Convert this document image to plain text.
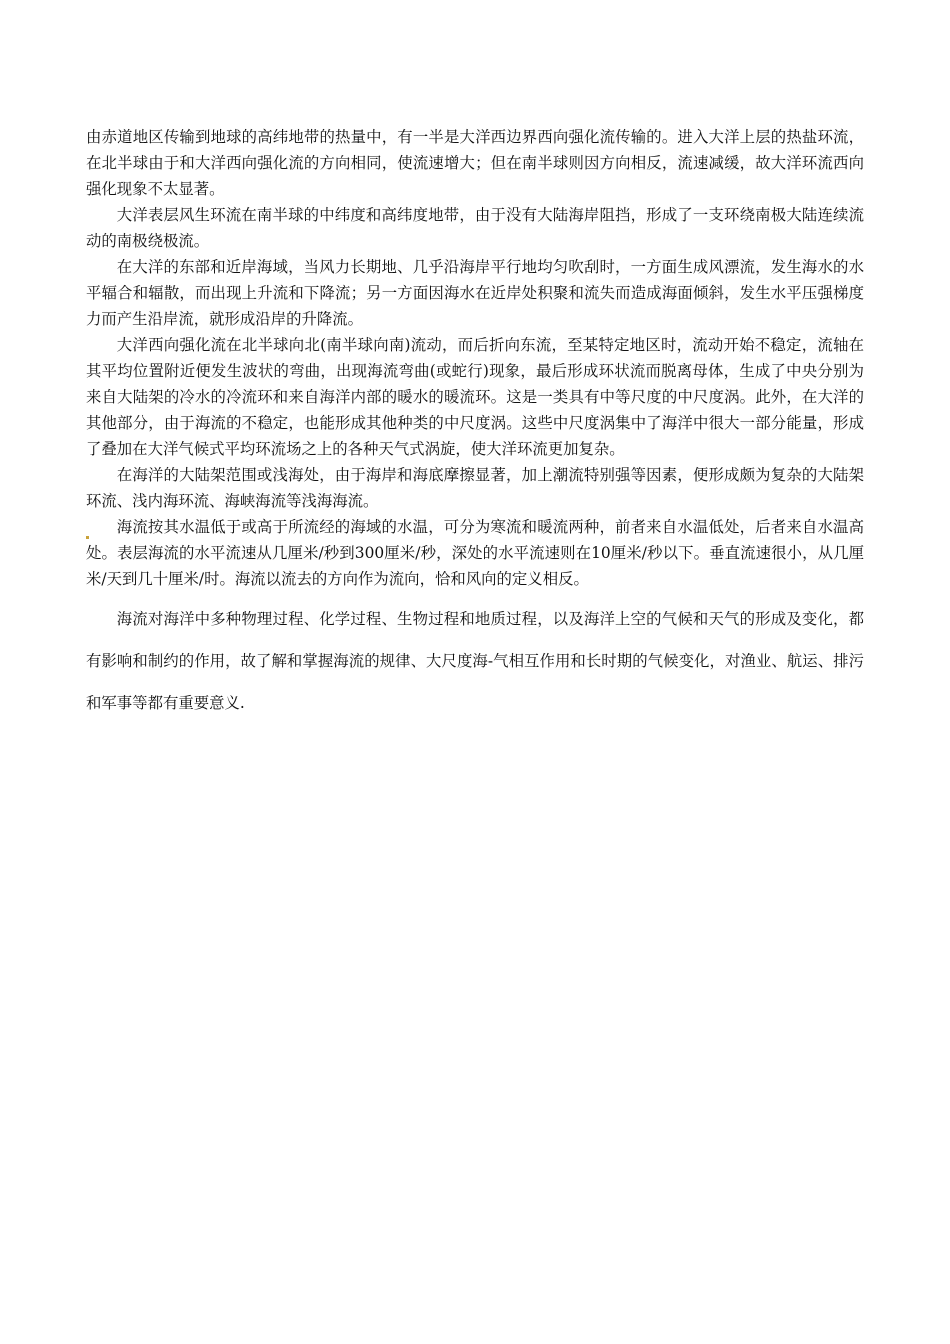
由赤道地区传输到地球的高纬地带的热量中，有一半是大洋西边界西向强化流传输的。进入大洋上层的热盐环流，在北半球由于和大洋西向强化流的方向相同，使流速增大；但在南半球则因方向相反，流速减缓，故大洋环流西向强化现象不太显著。

大洋表层风生环流在南半球的中纬度和高纬度地带，由于没有大陆海岸阻挡，形成了一支环绕南极大陆连续流动的南极绕极流。

在大洋的东部和近岸海域，当风力长期地、几乎沿海岸平行地均匀吹刮时，一方面生成风漂流，发生海水的水平辐合和辐散，而出现上升流和下降流；另一方面因海水在近岸处积聚和流失而造成海面倾斜，发生水平压强梯度力而产生沿岸流，就形成沿岸的升降流。

大洋西向强化流在北半球向北(南半球向南)流动，而后折向东流，至某特定地区时，流动开始不稳定，流轴在其平均位置附近便发生波状的弯曲，出现海流弯曲(或蛇行)现象，最后形成环状流而脱离母体，生成了中央分别为来自大陆架的冷水的冷流环和来自海洋内部的暖水的暖流环。这是一类具有中等尺度的中尺度涡。此外，在大洋的其他部分，由于海流的不稳定，也能形成其他种类的中尺度涡。这些中尺度涡集中了海洋中很大一部分能量，形成了叠加在大洋气候式平均环流场之上的各种天气式涡旋，使大洋环流更加复杂。

在海洋的大陆架范围或浅海处，由于海岸和海底摩擦显著，加上潮流特别强等因素，便形成颇为复杂的大陆架环流、浅内海环流、海峡海流等浅海海流。

海流按其水温低于或高于所流经的海域的水温，可分为寒流和暖流两种，前者来自水温低处，后者来自水温高处。表层海流的水平流速从几厘米/秒到300厘米/秒，深处的水平流速则在10厘米/秒以下。垂直流速很小，从几厘米/天到几十厘米/时。海流以流去的方向作为流向，恰和风向的定义相反。

海流对海洋中多种物理过程、化学过程、生物过程和地质过程，以及海洋上空的气候和天气的形成及变化，都有影响和制约的作用，故了解和掌握海流的规律、大尺度海-气相互作用和长时期的气候变化，对渔业、航运、排污和军事等都有重要意义.
